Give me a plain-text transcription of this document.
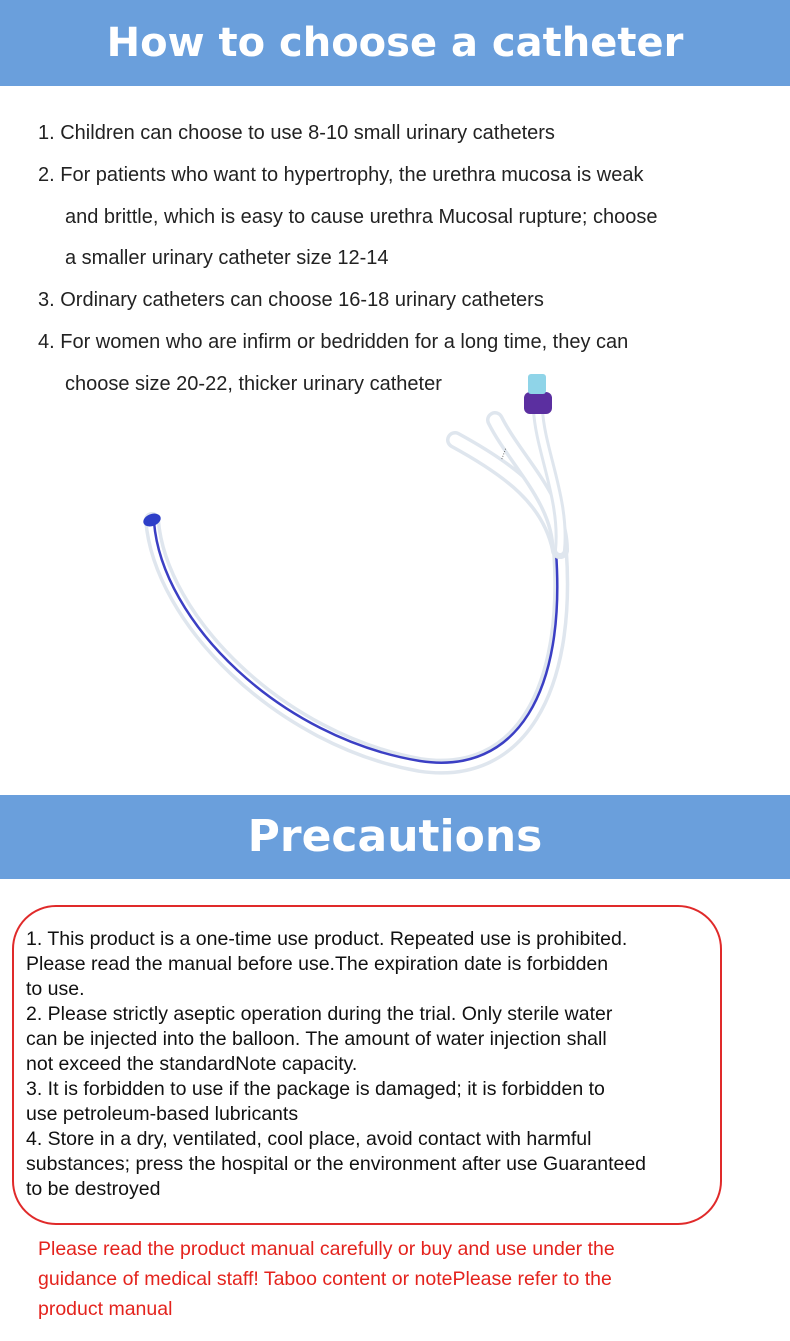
How to choose a catheter
1. Children can choose to use 8-10 small urinary catheters
2. For patients who want to hypertrophy, the urethra mucosa is weak
and brittle, which is easy to cause urethra Mucosal rupture; choose
a smaller urinary catheter size 12-14
3. Ordinary catheters can choose 16-18 urinary catheters
4. For women who are infirm or bedridden for a long time, they can
choose size 20-22, thicker urinary catheter
.....
Precautions
1. This product is a one-time use product. Repeated use is prohibited.
Please read the manual before use.The expiration date is forbidden
to use.
2. Please strictly aseptic operation during the trial. Only sterile water
can be injected into the balloon. The amount of water injection shall
not exceed the standardNote capacity.
3. It is forbidden to use if the package is damaged; it is forbidden to
use petroleum-based lubricants
4. Store in a dry, ventilated, cool place, avoid contact with harmful
substances; press the hospital or the environment after use Guaranteed
to be destroyed
Please read the product manual carefully or buy and use under the
guidance of medical staff! Taboo content or notePlease refer to the
product manual
